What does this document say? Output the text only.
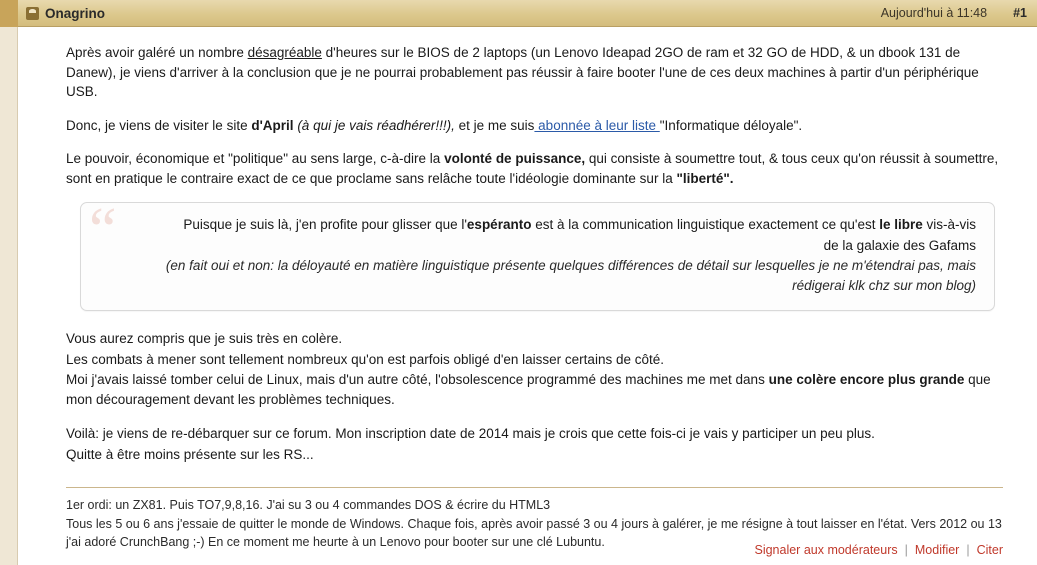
Onagrino	Aujourd'hui à 11:48 #1

Après avoir galéré un nombre désagréable d'heures sur le BIOS de 2 laptops (un Lenovo Ideapad 2GO de ram et 32 GO de HDD, & un dbook 131 de Danew), je viens d'arriver à la conclusion que je ne pourrai probablement pas réussir à faire booter l'une de ces deux machines à partir d'un périphérique USB.

Donc, je viens de visiter le site d'April (à qui je vais réadhérer!!!), et je me suis abonnée à leur liste "Informatique déloyale".

Le pouvoir, économique et "politique" au sens large, c-à-dire la volonté de puissance, qui consiste à soumettre tout, & tous ceux qu'on réussit à soumettre, sont en pratique le contraire exact de ce que proclame sans relâche toute l'idéologie dominante sur la "liberté".

“	Puisque je suis là, j'en profite pour glisser que l'espéranto est à la communication linguistique exactement ce qu'est le libre vis-à-vis
de la galaxie des Gafams
(en fait oui et non: la déloyauté en matière linguistique présente quelques différences de détail sur lesquelles je ne m'étendrai pas, mais
rédigerai klk chz sur mon blog)
Vous aurez compris que je suis très en colère.
Les combats à mener sont tellement nombreux qu'on est parfois obligé d'en laisser certains de côté.
Moi j'avais laissé tomber celui de Linux, mais d'un autre côté, l'obsolescence programmé des machines me met dans une colère encore plus grande que mon découragement devant les problèmes techniques.
Voilà: je viens de re-débarquer sur ce forum. Mon inscription date de 2014 mais je crois que cette fois-ci je vais y participer un peu plus.
Quitte à être moins présente sur les RS...
1er ordi: un ZX81. Puis TO7,9,8,16. J'ai su 3 ou 4 commandes DOS & écrire du HTML3
Tous les 5 ou 6 ans j'essaie de quitter le monde de Windows. Chaque fois, après avoir passé 3 ou 4 jours à galérer, je me résigne à tout laisser en l'état. Vers 2012 ou 13 j'ai adoré CrunchBang ;-) En ce moment me heurte à un Lenovo pour booter sur une clé Lubuntu.
Signaler aux modérateurs | Modifier | Citer
